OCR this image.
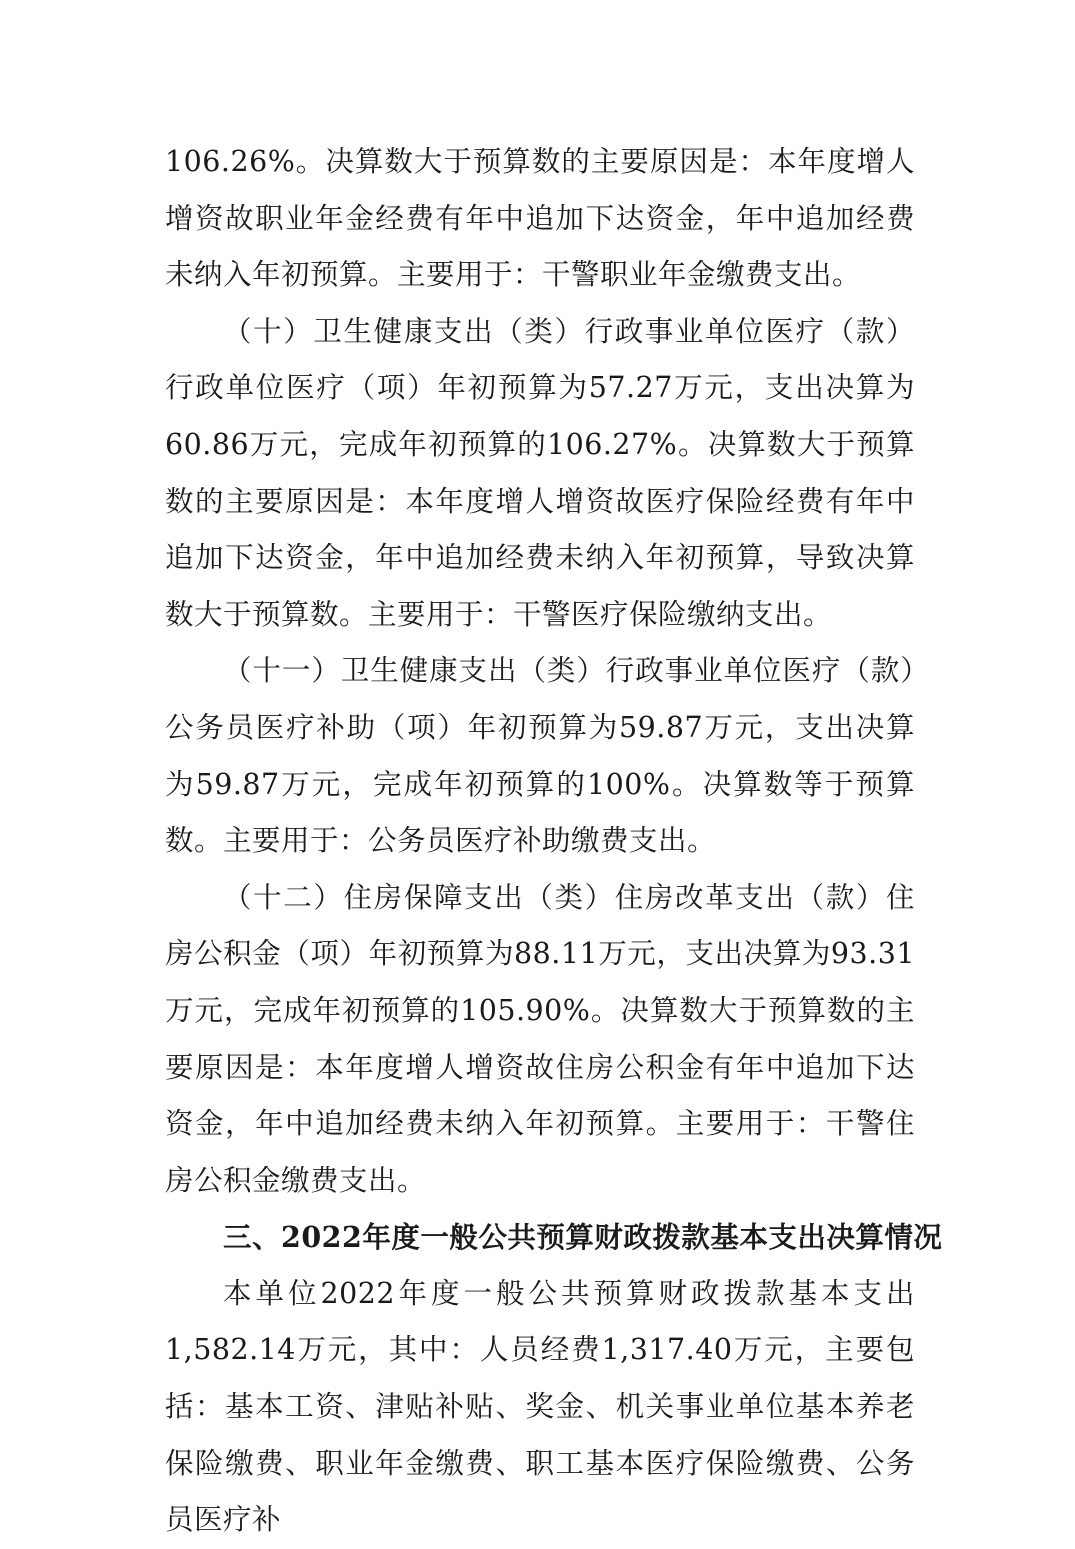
106.26%。决算数大于预算数的主要原因是：本年度增人增资故职业年金经费有年中追加下达资金，年中追加经费未纳入年初预算。主要用于：干警职业年金缴费支出。

（十）卫生健康支出（类）行政事业单位医疗（款）行政单位医疗（项）年初预算为57.27万元，支出决算为60.86万元，完成年初预算的106.27%。决算数大于预算数的主要原因是：本年度增人增资故医疗保险经费有年中追加下达资金，年中追加经费未纳入年初预算，导致决算数大于预算数。主要用于：干警医疗保险缴纳支出。

（十一）卫生健康支出（类）行政事业单位医疗（款）公务员医疗补助（项）年初预算为59.87万元，支出决算为59.87万元，完成年初预算的100%。决算数等于预算数。主要用于：公务员医疗补助缴费支出。

（十二）住房保障支出（类）住房改革支出（款）住房公积金（项）年初预算为88.11万元，支出决算为93.31万元，完成年初预算的105.90%。决算数大于预算数的主要原因是：本年度增人增资故住房公积金有年中追加下达资金，年中追加经费未纳入年初预算。主要用于：干警住房公积金缴费支出。

三、2022年度一般公共预算财政拨款基本支出决算情况

本单位2022年度一般公共预算财政拨款基本支出1,582.14万元，其中：人员经费1,317.40万元，主要包括：基本工资、津贴补贴、奖金、机关事业单位基本养老保险缴费、职业年金缴费、职工基本医疗保险缴费、公务员医疗补
